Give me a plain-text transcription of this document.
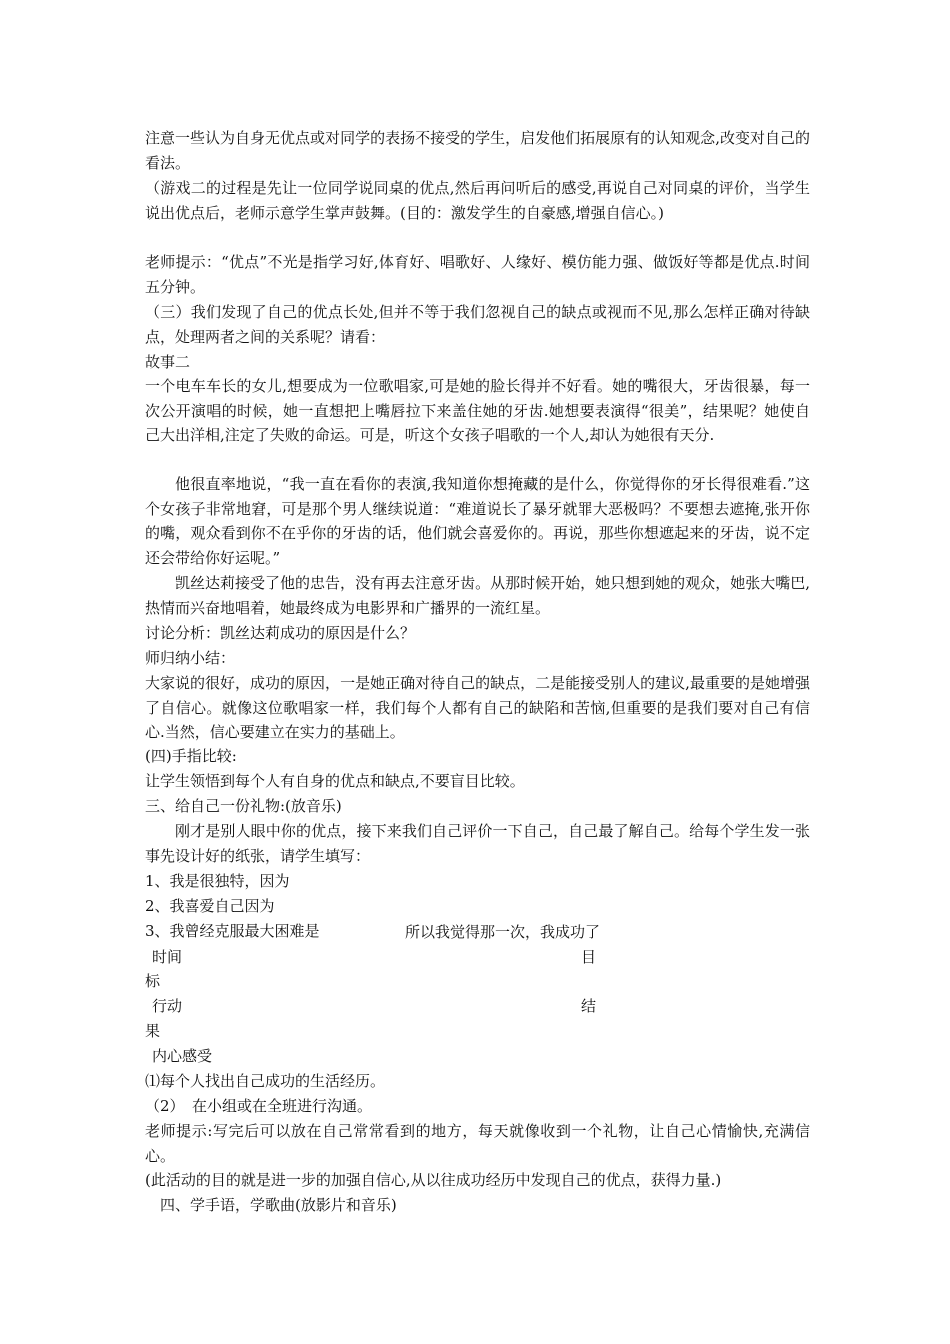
注意一些认为自身无优点或对同学的表扬不接受的学生，启发他们拓展原有的认知观念,改变对自己的看法。

（游戏二的过程是先让一位同学说同桌的优点,然后再问听后的感受,再说自己对同桌的评价，当学生说出优点后，老师示意学生掌声鼓舞。(目的：激发学生的自豪感,增强自信心。)

老师提示：“优点”不光是指学习好,体育好、唱歌好、人缘好、模仿能力强、做饭好等都是优点.时间五分钟。

（三）我们发现了自己的优点长处,但并不等于我们忽视自己的缺点或视而不见,那么怎样正确对待缺点，处理两者之间的关系呢？请看：

故事二

一个电车车长的女儿,想要成为一位歌唱家,可是她的脸长得并不好看。她的嘴很大，牙齿很暴，每一次公开演唱的时候，她一直想把上嘴唇拉下来盖住她的牙齿.她想要表演得“很美”，结果呢？她使自己大出洋相,注定了失败的命运。可是，听这个女孩子唱歌的一个人,却认为她很有天分.

他很直率地说，“我一直在看你的表演,我知道你想掩藏的是什么，你觉得你的牙长得很难看.”这个女孩子非常地窘，可是那个男人继续说道：“难道说长了暴牙就罪大恶极吗？不要想去遮掩,张开你的嘴，观众看到你不在乎你的牙齿的话，他们就会喜爱你的。再说，那些你想遮起来的牙齿，说不定还会带给你好运呢。”

凯丝达莉接受了他的忠告，没有再去注意牙齿。从那时候开始，她只想到她的观众，她张大嘴巴,热情而兴奋地唱着，她最终成为电影界和广播界的一流红星。

讨论分析：凯丝达莉成功的原因是什么？

师归纳小结：

大家说的很好，成功的原因，一是她正确对待自己的缺点，二是能接受别人的建议,最重要的是她增强了自信心。就像这位歌唱家一样，我们每个人都有自己的缺陷和苦恼,但重要的是我们要对自己有信心.当然，信心要建立在实力的基础上。

(四)手指比较:

让学生领悟到每个人有自身的优点和缺点,不要盲目比较。

三、给自己一份礼物:(放音乐)

刚才是别人眼中你的优点，接下来我们自己评价一下自己，自己最了解自己。给每个学生发一张事先设计好的纸张，请学生填写：

1、我是很独特，因为

2、我喜爱自己因为

3、我曾经克服最大困难是	所以我觉得那一次，我成功了
时间	目
标
行动	结
果
内心感受

⑴每个人找出自己成功的生活经历。

（2）　在小组或在全班进行沟通。

老师提示:写完后可以放在自己常常看到的地方，每天就像收到一个礼物，让自己心情愉快,充满信心。

(此活动的目的就是进一步的加强自信心,从以往成功经历中发现自己的优点，获得力量.)

四、学手语，学歌曲(放影片和音乐)
